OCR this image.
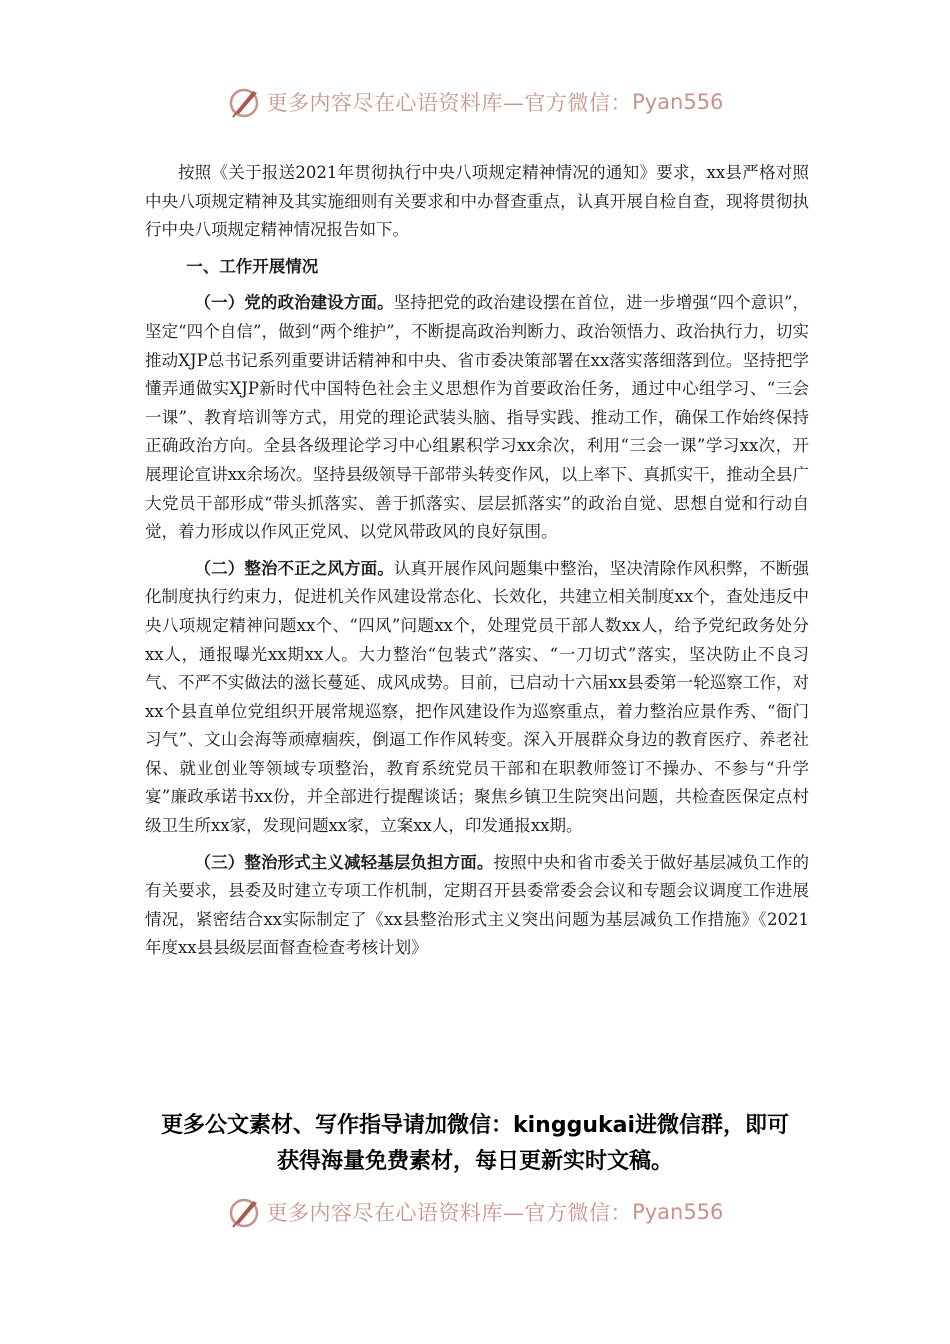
更多内容尽在心语资料库—官方微信： Pyan556

按照《关于报送2021年贯彻执行中央八项规定精神情况的通知》要求，xx县严格对照中央八项规定精神及其实施细则有关要求和中办督查重点，认真开展自检自查，现将贯彻执行中央八项规定精神情况报告如下。

一、工作开展情况

（一）党的政治建设方面。坚持把党的政治建设摆在首位，进一步增强“四个意识”，坚定“四个自信”，做到“两个维护”，不断提高政治判断力、政治领悟力、政治执行力，切实推动XJP总书记系列重要讲话精神和中央、省市委决策部署在xx落实落细落到位。坚持把学懂弄通做实XJP新时代中国特色社会主义思想作为首要政治任务，通过中心组学习、“三会一课”、教育培训等方式，用党的理论武装头脑、指导实践、推动工作，确保工作始终保持正确政治方向。全县各级理论学习中心组累积学习xx余次，利用“三会一课”学习xx次，开展理论宣讲xx余场次。坚持县级领导干部带头转变作风，以上率下、真抓实干，推动全县广大党员干部形成“带头抓落实、善于抓落实、层层抓落实”的政治自觉、思想自觉和行动自觉，着力形成以作风正党风、以党风带政风的良好氛围。

（二）整治不正之风方面。认真开展作风问题集中整治，坚决清除作风积弊，不断强化制度执行约束力，促进机关作风建设常态化、长效化，共建立相关制度xx个，查处违反中央八项规定精神问题xx个、“四风”问题xx个，处理党员干部人数xx人，给予党纪政务处分xx人，通报曝光xx期xx人。大力整治“包装式”落实、“一刀切式”落实，坚决防止不良习气、不严不实做法的滋长蔓延、成风成势。目前，已启动十六届xx县委第一轮巡察工作，对xx个县直单位党组织开展常规巡察，把作风建设作为巡察重点，着力整治应景作秀、“衙门习气”、文山会海等顽瘴痼疾，倒逼工作作风转变。深入开展群众身边的教育医疗、养老社保、就业创业等领域专项整治，教育系统党员干部和在职教师签订不操办、不参与“升学宴”廉政承诺书xx份，并全部进行提醒谈话；聚焦乡镇卫生院突出问题，共检查医保定点村级卫生所xx家，发现问题xx家，立案xx人，印发通报xx期。

（三）整治形式主义减轻基层负担方面。按照中央和省市委关于做好基层减负工作的有关要求，县委及时建立专项工作机制，定期召开县委常委会会议和专题会议调度工作进展情况，紧密结合xx实际制定了《xx县整治形式主义突出问题为基层减负工作措施》《2021年度xx县县级层面督查检查考核计划》

更多公文素材、写作指导请加微信：kinggukai进微信群，即可
获得海量免费素材，每日更新实时文稿。
更多内容尽在心语资料库—官方微信： Pyan556
